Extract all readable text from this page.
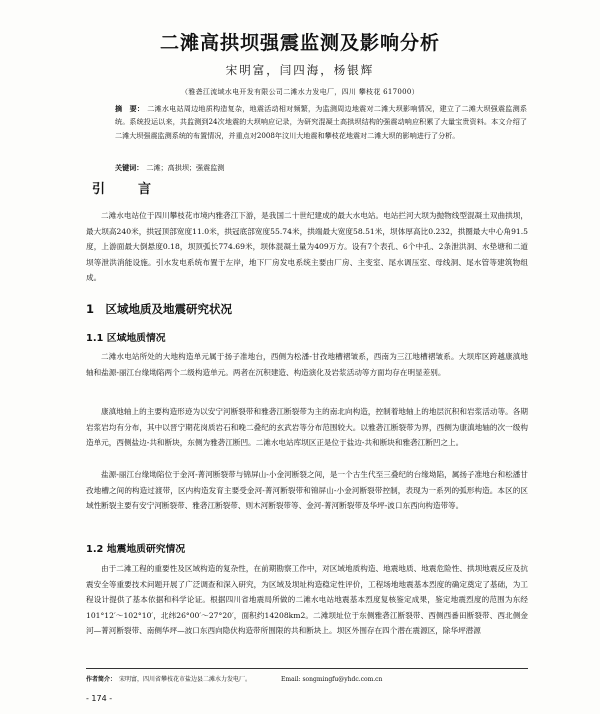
二滩高拱坝强震监测及影响分析
宋明富，闫四海，杨银辉
（雅砻江流域水电开发有限公司二滩水力发电厂，四川 攀枝花 617000）
摘　要： 二滩水电站周边地质构造复杂，地震活动相对频繁，为监测周边地震对二滩大坝影响情况，建立了二滩大坝强震监测系统。系统投运以来，共监测到24次地震的大坝响应记录，为研究混凝土高拱坝结构的强震动响应积累了大量宝贵资料。本文介绍了二滩大坝强震监测系统的布置情况，并重点对2008年汶川大地震和攀枝花地震对二滩大坝的影响进行了分析。
关键词： 二滩；高拱坝；强震监测
引　言

二滩水电站位于四川攀枝花市境内雅砻江下游，是我国二十世纪建成的最大水电站。电站拦河大坝为抛物线型混凝土双曲拱坝，最大坝高240米，拱冠顶部宽度11.0米，拱冠底部宽度55.74米，拱端最大宽度58.51米，坝体厚高比0.232，拱圈最大中心角91.5度，上游面最大倒悬度0.18，坝顶弧长774.69米，坝体混凝土量为409万方。设有7个表孔、6个中孔、2条泄洪洞、水垫塘和二道坝等泄洪消能设施。引水发电系统布置于左岸，地下厂房发电系统主要由厂房、主变室、尾水调压室、母线洞、尾水管等建筑物组成。

1　区域地质及地震研究状况
1.1 区域地质情况

二滩水电站所处的大地构造单元属于扬子准地台，西侧为松潘-甘孜地槽褶皱系，西南为三江地槽褶皱系。大坝库区跨越康滇地轴和盐源-丽江台缘坳陷两个二级构造单元。两者在沉积建造、构造演化及岩浆活动等方面均存在明显差别。

康滇地轴上的主要构造形迹为以安宁河断裂带和雅砻江断裂带为主的南北向构造，控制着地轴上的地层沉积和岩浆活动等。各期岩浆岩均有分布，其中以晋宁期花岗质岩石和晚二叠纪的玄武岩等分布范围较大。以雅砻江断裂带为界，西侧为康滇地轴的次一级构造单元，西侧盐边-共和断块，东侧为雅砻江断凹。二滩水电站库坝区正是位于盐边-共和断块和雅砻江断凹之上。

盐源-丽江台缘坳陷位于金河-菁河断裂带与锦屏山-小金河断裂之间，是一个古生代至三叠纪的台缘坳陷，属扬子准地台和松潘甘孜地槽之间的构造过渡带，区内构造发育主要受金河-菁河断裂带和锦屏山-小金河断裂带控制，表现为一系列的弧形构造。本区的区域性断裂主要有安宁河断裂带、雅砻江断裂带、则木河断裂带等、金河-菁河断裂带及华坪-波口东西向构造带等。

1.2 地震地质研究情况

由于二滩工程的重要性及区域构造的复杂性，在前期勘察工作中，对区域地质构造、地震地质、地震危险性、拱坝地震反应及抗震安全等重要技术问题开展了广泛调查和深入研究，为区域及坝址构造稳定性评价，工程场地地震基本烈度的确定奠定了基础，为工程设计提供了基本依据和科学论证。根据四川省地震局所做的二滩水电站地震基本烈度复核鉴定成果，鉴定地震烈度的范围为东经101°12′～102°10′，北纬26°00′～27°20′，面积约14208km2。二滩坝址位于东侧雅砻江断裂带、西侧西番田断裂带、西北侧金河—菁河断裂带、南侧华坪—波口东西向隐伏构造带所围限的共和断块上。坝区外围存在四个潜在震源区，除华坪潜源

作者简介： 宋明富，四川省攀枝花市盐边县二滩水力发电厂。	Email: songmingfu@yhdc.com.cn
- 174 -
